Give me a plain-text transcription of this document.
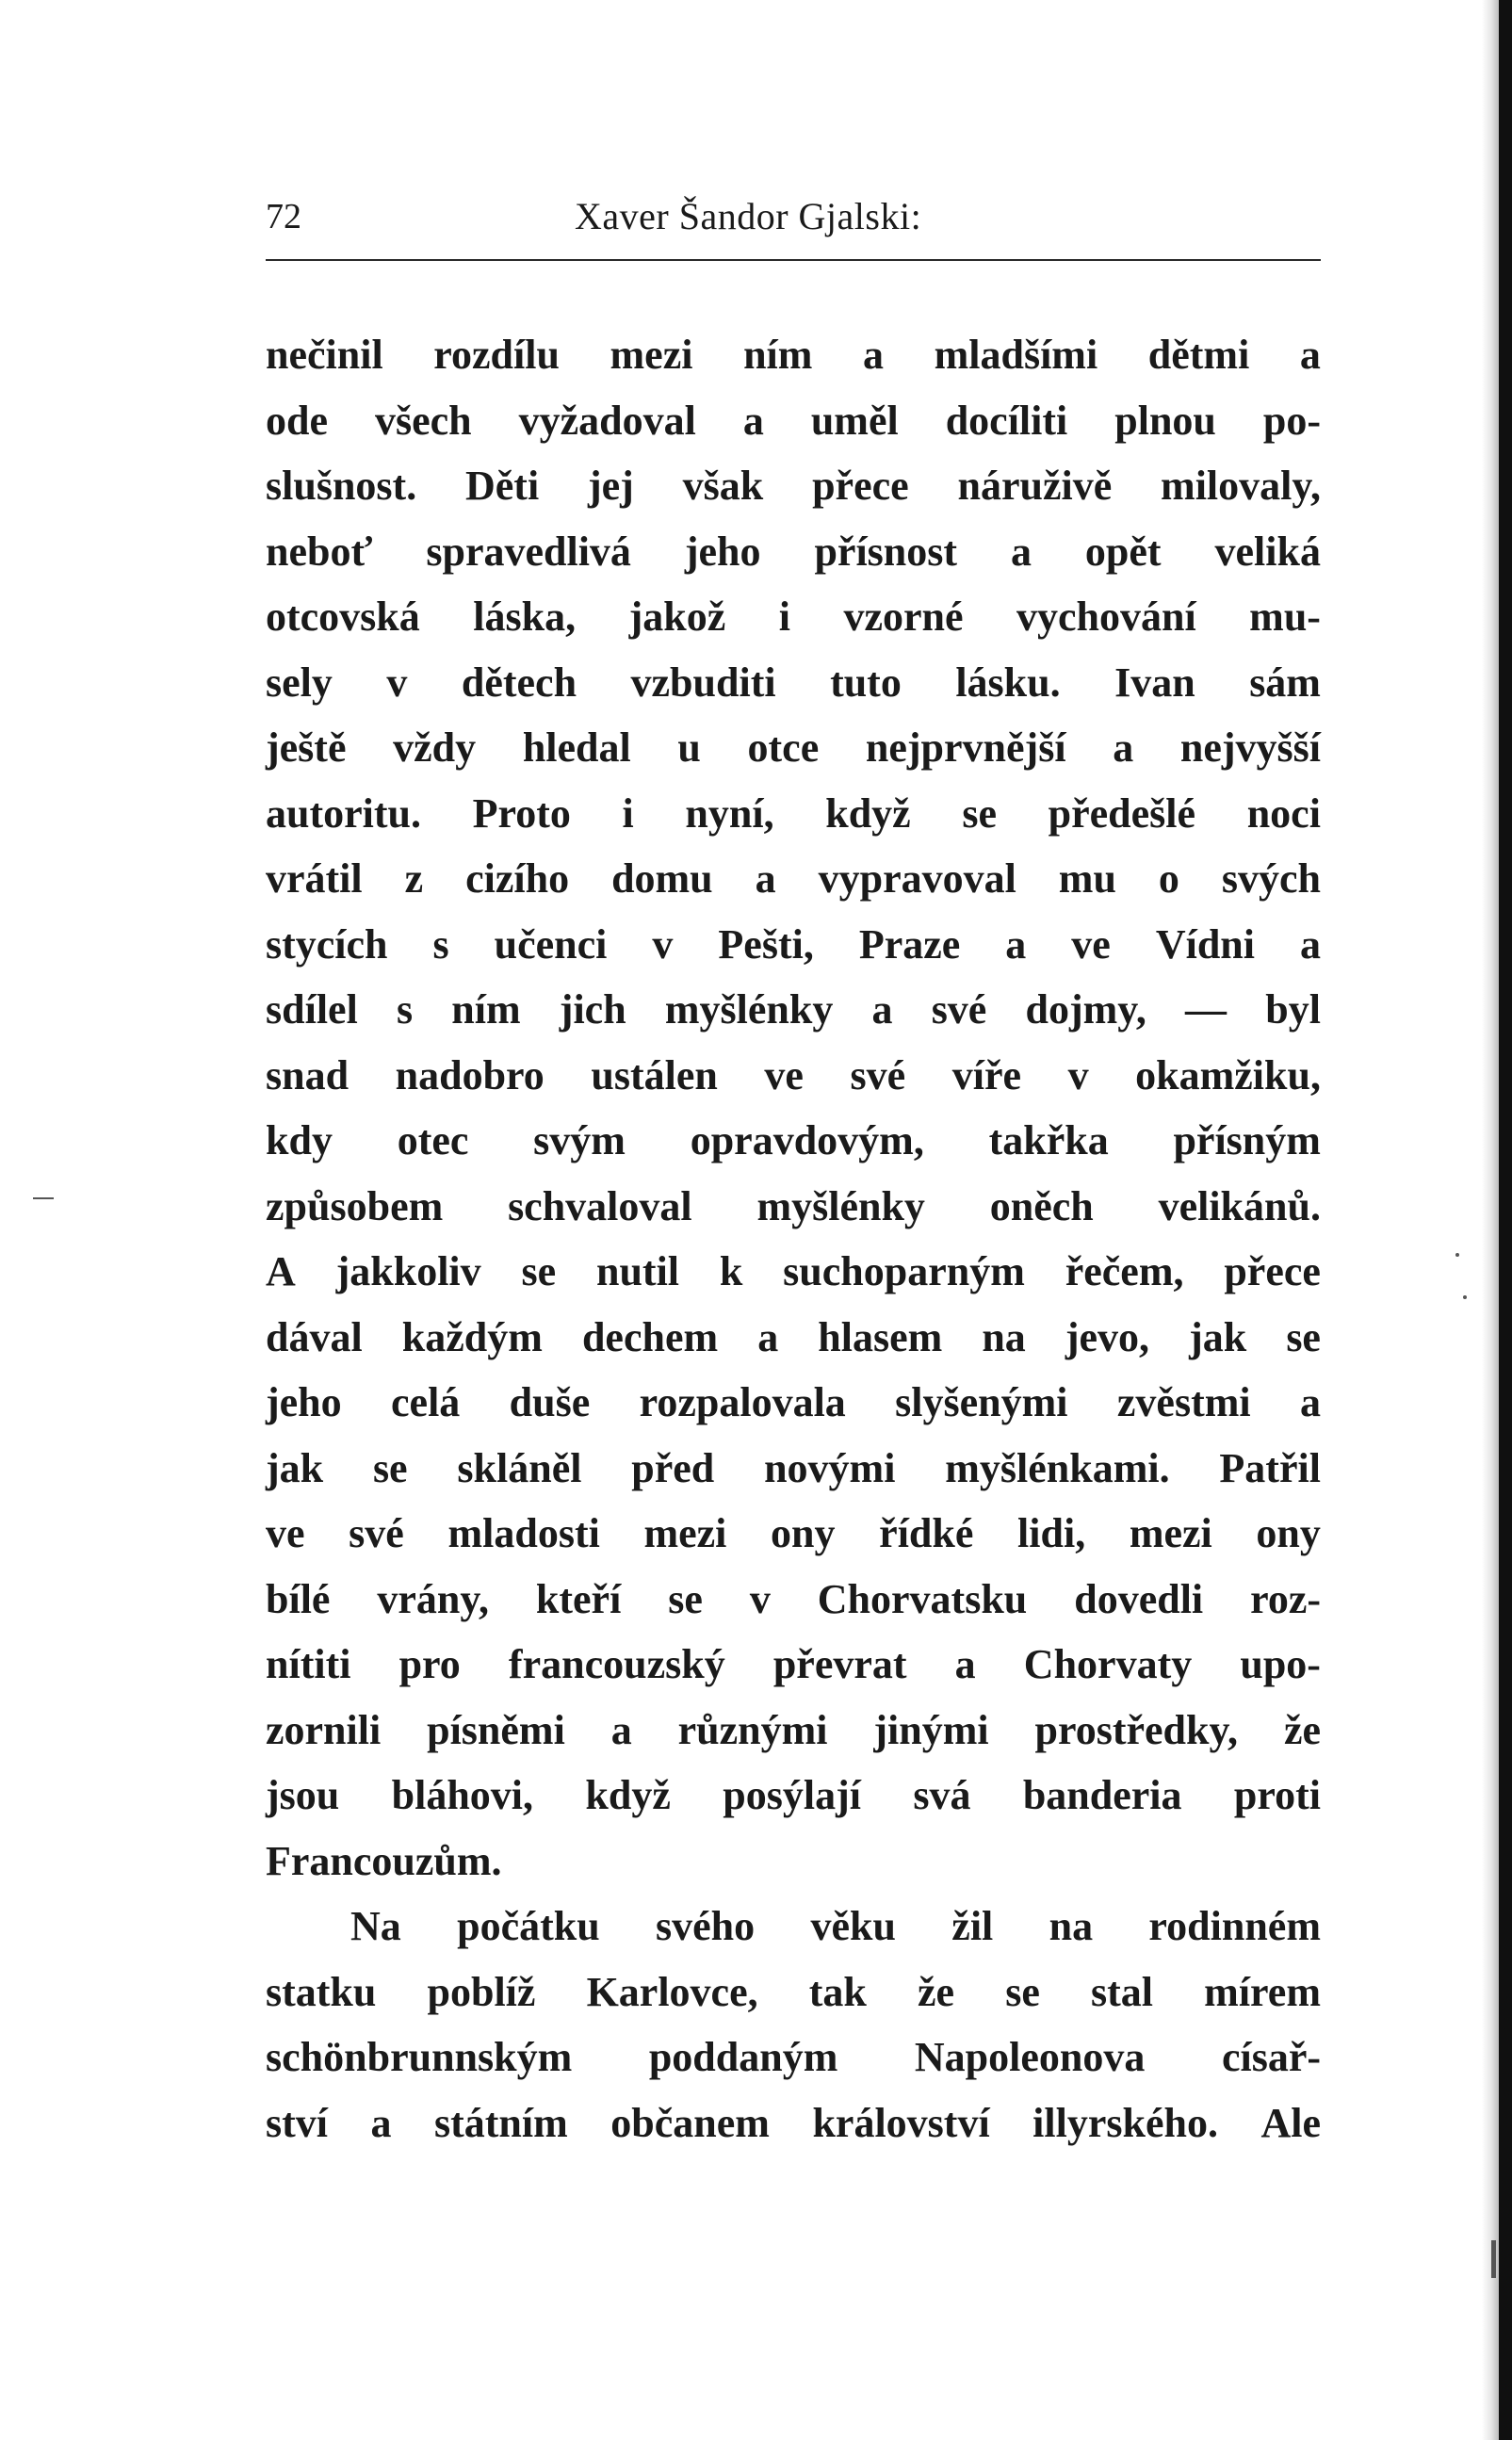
72	Xaver Šandor Gjalski:
nečinil rozdílu mezi ním a mladšími dětmi a
ode všech vyžadoval a uměl docíliti plnou po-
slušnost. Děti jej však přece náruživě milovaly,
neboť spravedlivá jeho přísnost a opět veliká
otcovská láska, jakož i vzorné vychování mu-
sely v dětech vzbuditi tuto lásku. Ivan sám
ještě vždy hledal u otce nejprvnější a nejvyšší
autoritu. Proto i nyní, když se předešlé noci
vrátil z cizího domu a vypravoval mu o svých
stycích s učenci v Pešti, Praze a ve Vídni a
sdílel s ním jich myšlénky a své dojmy, — byl
snad nadobro ustálen ve své víře v okamžiku,
kdy otec svým opravdovým, takřka přísným
způsobem schvaloval myšlénky oněch velikánů.
A jakkoliv se nutil k suchoparným řečem, přece
dával každým dechem a hlasem na jevo, jak se
jeho celá duše rozpalovala slyšenými zvěstmi a
jak se skláněl před novými myšlénkami. Patřil
ve své mladosti mezi ony řídké lidi, mezi ony
bílé vrány, kteří se v Chorvatsku dovedli roz-
nítiti pro francouzský převrat a Chorvaty upo-
zornili písněmi a různými jinými prostředky, že
jsou bláhovi, když posýlají svá banderia proti
Francouzům.
Na počátku svého věku žil na rodinném
statku poblíž Karlovce, tak že se stal mírem
schönbrunnským poddaným Napoleonova císař-
ství a státním občanem království illyrského. Ale
